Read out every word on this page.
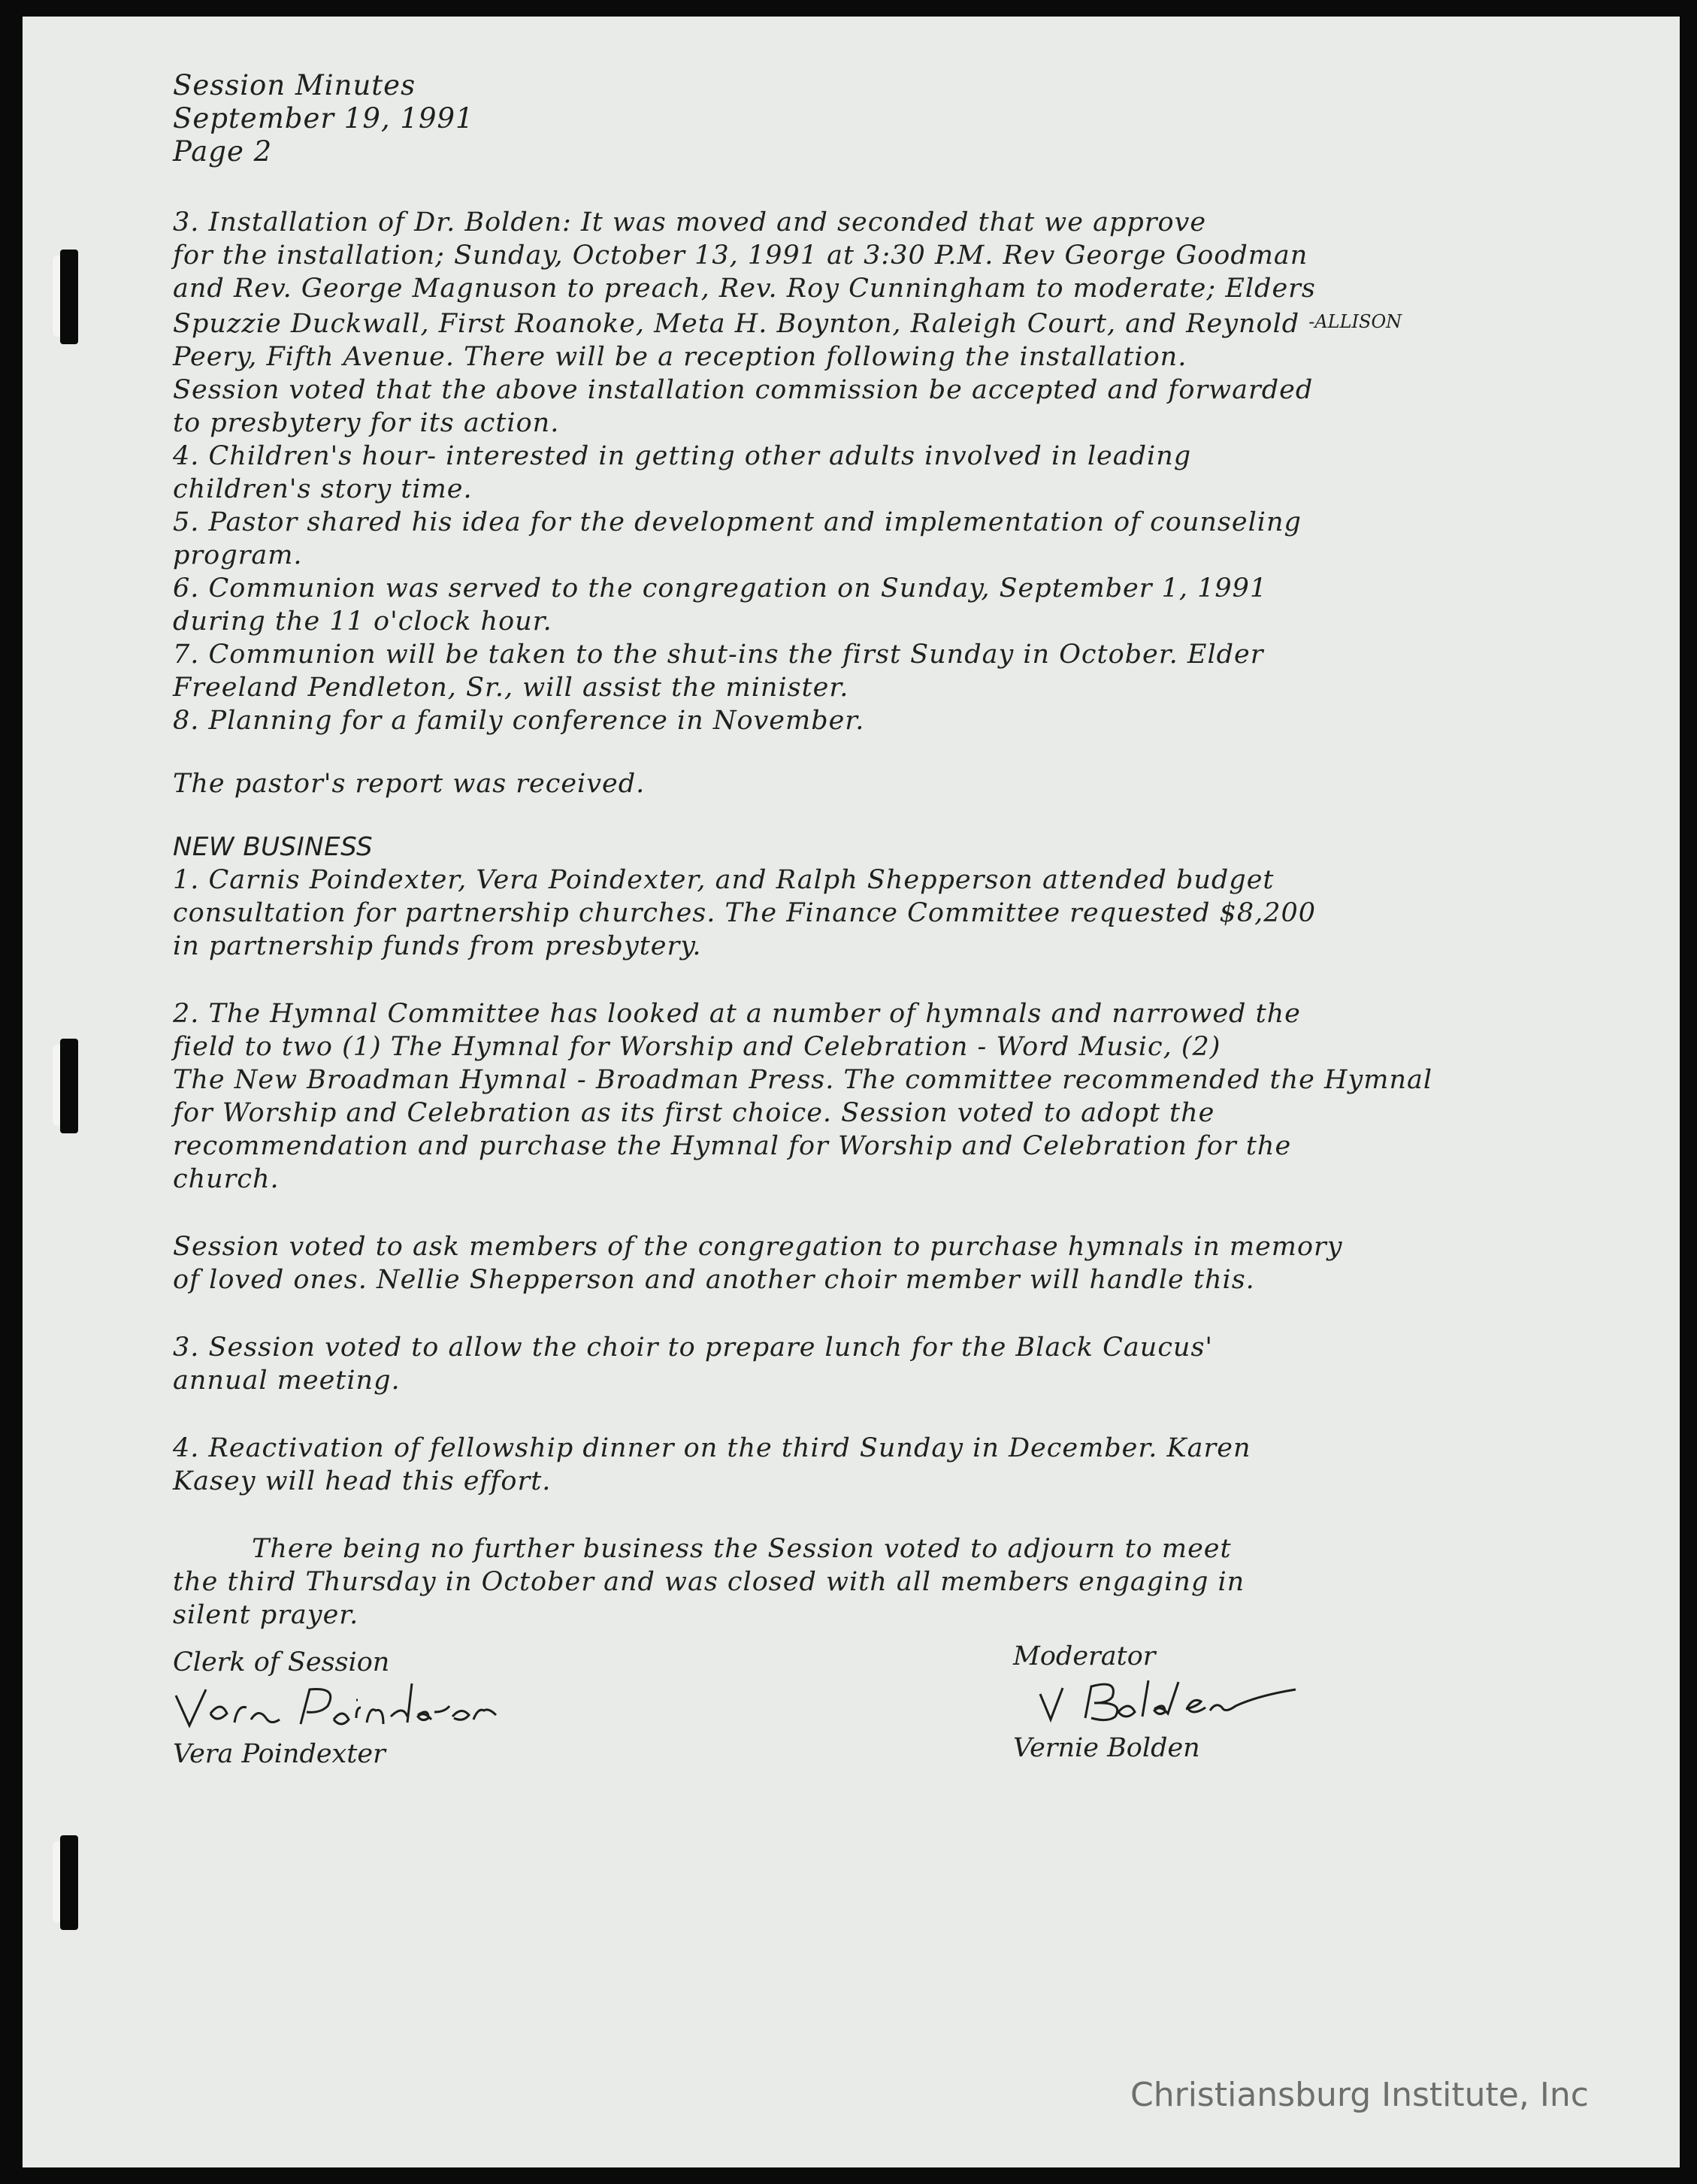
Session Minutes
September 19, 1991
Page 2
3. Installation of Dr. Bolden: It was moved and seconded that we approve
for the installation; Sunday, October 13, 1991 at 3:30 P.M. Rev George Goodman
and Rev. George Magnuson to preach, Rev. Roy Cunningham to moderate; Elders
Spuzzie Duckwall, First Roanoke, Meta H. Boynton, Raleigh Court, and Reynold -ALLISON
Peery, Fifth Avenue. There will be a reception following the installation.
Session voted that the above installation commission be accepted and forwarded
to presbytery for its action.
4. Children's hour- interested in getting other adults involved in leading
children's story time.
5. Pastor shared his idea for the development and implementation of counseling
program.
6. Communion was served to the congregation on Sunday, September 1, 1991
during the 11 o'clock hour.
7. Communion will be taken to the shut-ins the first Sunday in October. Elder
Freeland Pendleton, Sr., will assist the minister.
8. Planning for a family conference in November.
The pastor's report was received.
NEW BUSINESS
1. Carnis Poindexter, Vera Poindexter, and Ralph Shepperson attended budget
consultation for partnership churches. The Finance Committee requested $8,200
in partnership funds from presbytery.
2. The Hymnal Committee has looked at a number of hymnals and narrowed the
field to two (1) The Hymnal for Worship and Celebration - Word Music, (2)
The New Broadman Hymnal - Broadman Press. The committee recommended the Hymnal
for Worship and Celebration as its first choice. Session voted to adopt the
recommendation and purchase the Hymnal for Worship and Celebration for the
church.
Session voted to ask members of the congregation to purchase hymnals in memory
of loved ones. Nellie Shepperson and another choir member will handle this.
3. Session voted to allow the choir to prepare lunch for the Black Caucus'
annual meeting.
4. Reactivation of fellowship dinner on the third Sunday in December. Karen
Kasey will head this effort.
There being no further business the Session voted to adjourn to meet
the third Thursday in October and was closed with all members engaging in
silent prayer.
Clerk of Session
Vera Poindexter
Moderator
Vernie Bolden
Christiansburg Institute, Inc
